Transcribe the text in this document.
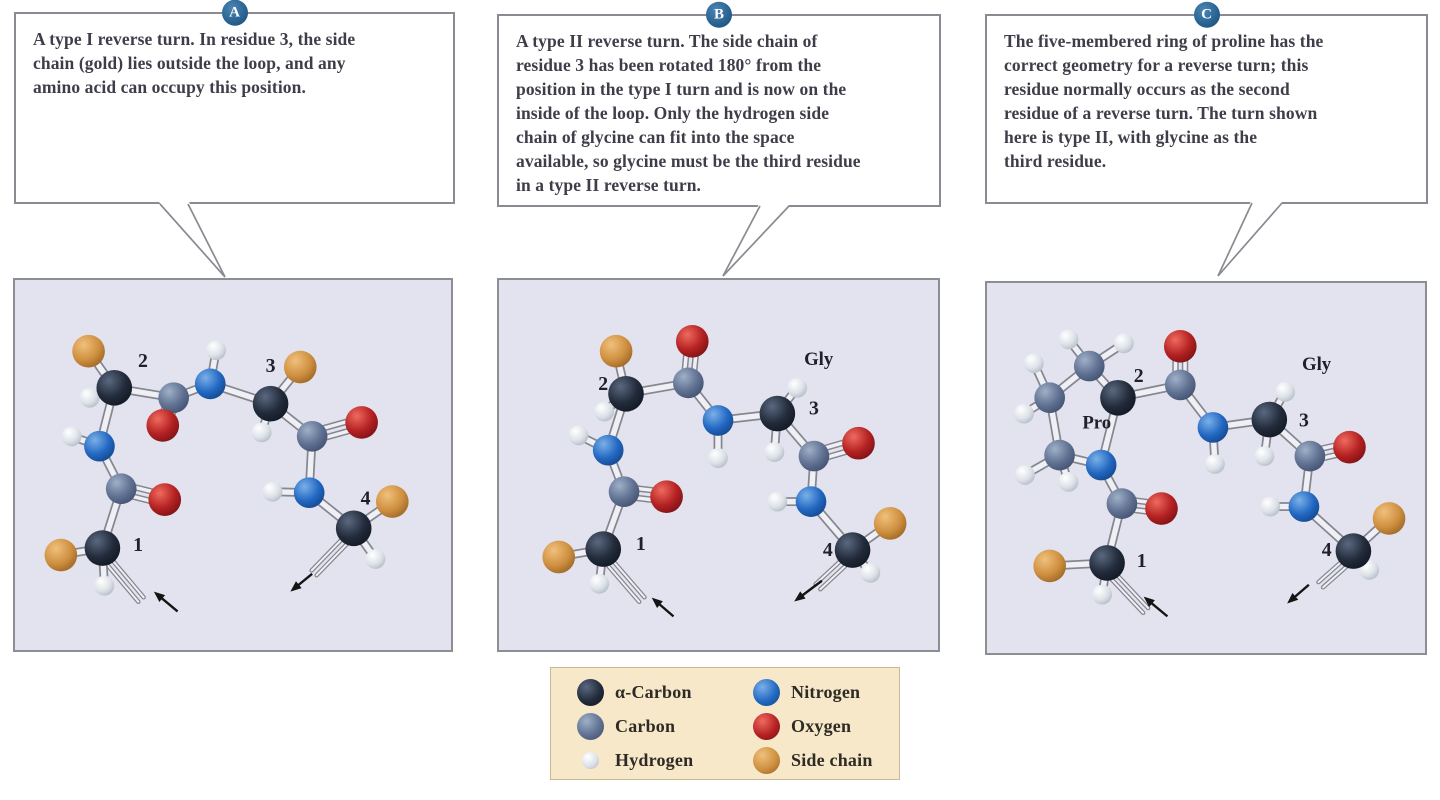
A
A type I reverse turn. In residue 3, the side
chain (gold) lies outside the loop, and any
amino acid can occupy this position.
B
A type II reverse turn. The side chain of
residue 3 has been rotated 180° from the
position in the type I turn and is now on the
inside of the loop. Only the hydrogen side
chain of glycine can fit into the space
available, so glycine must be the third residue
in a type II reverse turn.
C
The five-membered ring of proline has the
correct geometry for a reverse turn; this
residue normally occurs as the second
residue of a reverse turn. The turn shown
here is type II, with glycine as the
third residue.
2	3
1
4
2
Gly
3
1	4
2
Pro
Gly
3
1	4
α-Carbon	Nitrogen
Carbon	Oxygen
Hydrogen	Side chain
